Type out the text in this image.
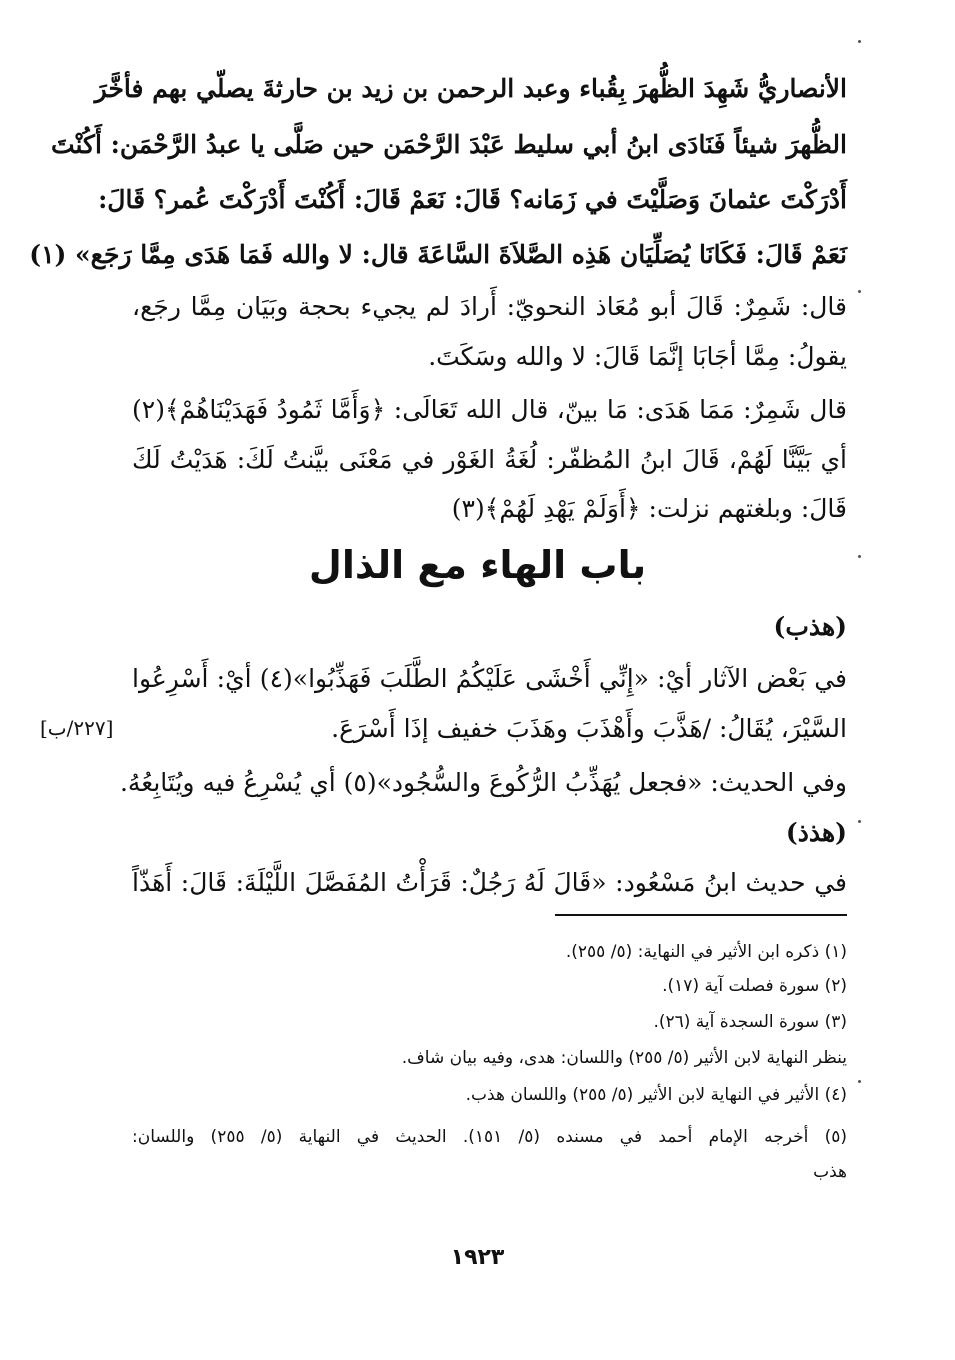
الأنصاريُّ شَهِدَ الظُّهرَ بِقُباء وعبد الرحمن بن زيد بن حارثةَ يصلّي بهم فأخَّرَ
الظُّهرَ شيئاً فَنَادَى ابنُ أبي سليط عَبْدَ الرَّحْمَن حين صَلَّى يا عبدُ الرَّحْمَن: أَكُنْتَ
أَدْرَكْتَ عثمانَ وَصَلَّيْتَ في زَمَانه؟ قَالَ: نَعَمْ قَالَ: أَكُنْتَ أَدْرَكْتَ عُمر؟ قَالَ:
نَعَمْ قَالَ: فَكَانَا يُصَلِّيَان هَذِه الصَّلاَةَ السَّاعَةَ قال: لا والله فَمَا هَدَى مِمَّا رَجَع» (١)
قال: شَمِرٌ: قَالَ أبو مُعَاذ النحويّ: أَرادَ لم يجيء بحجة وبَيَان مِمَّا رجَع،
يقولُ: مِمَّا أجَابَا إنَّمَا قَالَ: لا والله وسَكَتَ.
قال شَمِرٌ: مَمَا هَدَى: مَا بينّ، قال الله تَعَالَى: ﴿وَأَمَّا ثَمُودُ فَهَدَيْنَاهُمْ﴾(٢)
أي بَيَّنَّا لَهُمْ، قَالَ ابنُ المُظفّر: لُغَةُ الغَوْر في مَعْنَى بيَّنتُ لَكَ: هَدَيْتُ لَكَ
قَالَ: وبلغتهم نزلت: ﴿أَوَلَمْ يَهْدِ لَهُمْ﴾(٣)
باب الهاء مع الذال
(هذب)
في بَعْض الآثار أيْ: «إِنِّي أَخْشَى عَلَيْكُمُ الطَّلَبَ فَهَذِّبُوا»(٤) أيْ: أَسْرِعُوا
السَّيْرَ، يُقَالُ: /هَذَّبَ وأَهْذَبَ وهَذَبَ خفيف إذَا أَسْرَعَ.
[٢٢٧/ب]
وفي الحديث: «فجعل يُهَذِّبُ الرُّكُوعَ والسُّجُود»(٥) أي يُسْرِعُ فيه ويُتَابِعُهُ.
(هذذ)
في حديث ابنُ مَسْعُود: «قَالَ لَهُ رَجُلٌ: قَرَأْتُ المُفَصَّلَ اللَّيْلَةَ: قَالَ: أَهَذّاً
(١) ذكره ابن الأثير في النهاية: (٥/ ٢٥٥).
(٢) سورة فصلت آية (١٧).
(٣) سورة السجدة آية (٢٦).
ينظر النهاية لابن الأثير (٥/ ٢٥٥) واللسان: هدى، وفيه بيان شاف.
(٤) الأثير في النهاية لابن الأثير (٥/ ٢٥٥) واللسان هذب.
(٥) أخرجه الإمام أحمد في مسنده (٥/ ١٥١). الحديث في النهاية (٥/ ٢٥٥) واللسان:
هذب
١٩٢٣
